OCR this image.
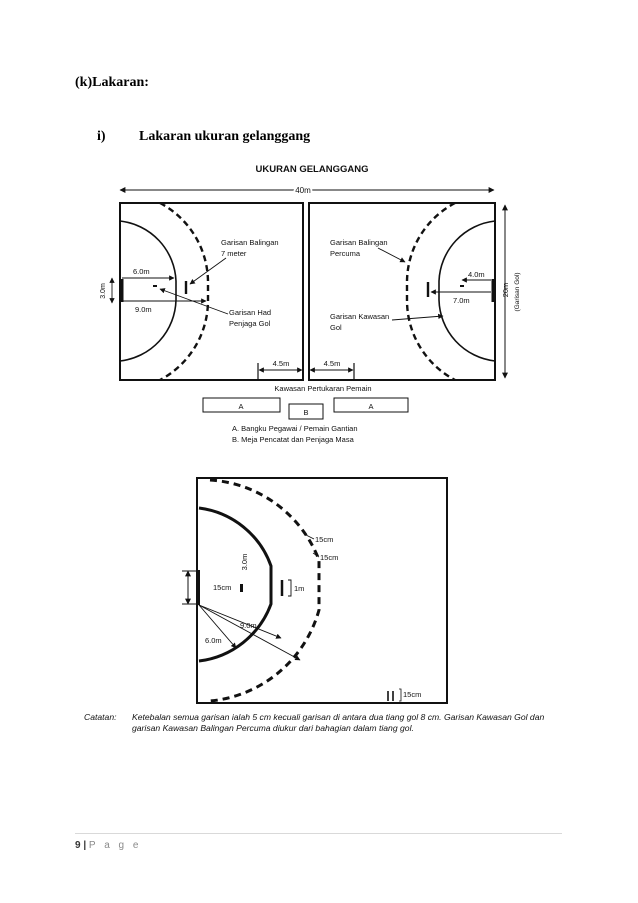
(k)Lakaran:
i) Lakaran ukuran gelanggang
UKURAN GELANGGANG
40m
6.0m
9.0m
3.0m
Garisan Balingan
7 meter
Garisan Had
Penjaga Gol
4.0m
7.0m
Garisan Balingan
Percuma
Garisan Kawasan
Gol
20m (Garisan Gol)
4.5m	4.5m
Kawasan Pertukaran Pemain
A
B
A
A. Bangku Pegawai / Pemain Gantian
B. Meja Pencatat dan Penjaga Masa
3.0m
15cm	1m
15cm
15cm
9.0m
6.0m
15cm
Catatan: Ketebalan semua garisan ialah 5 cm kecuali garisan di antara dua tiang gol 8 cm. Garisan Kawasan Gol dan garisan Kawasan Balingan Percuma diukur dari bahagian dalam tiang gol.
9 | P a g e
